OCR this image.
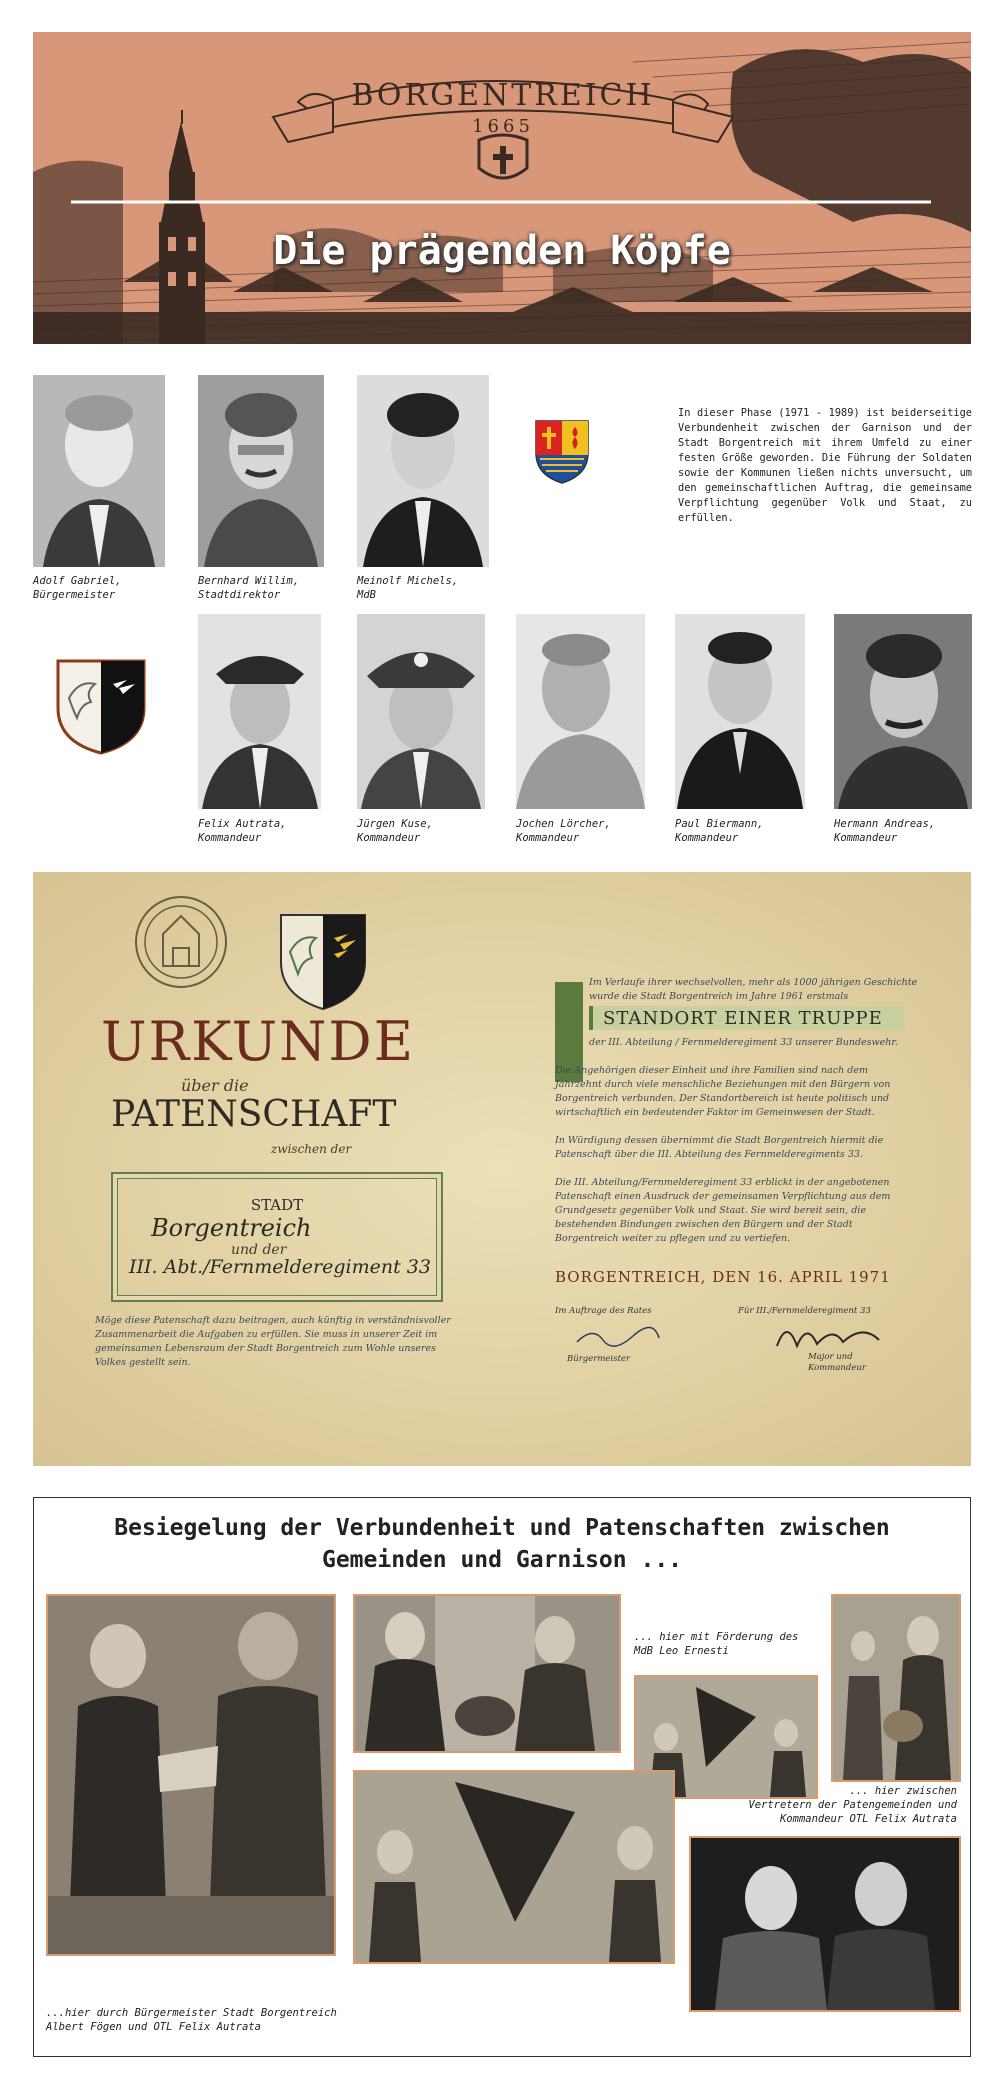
BORGENTREICH
1665
Die prägenden Köpfe
Adolf Gabriel,
Bürgermeister
Bernhard Willim,
Stadtdirektor
Meinolf Michels,
MdB
In dieser Phase (1971 - 1989) ist beiderseitige Verbundenheit zwischen der Garnison und der Stadt Borgentreich mit ihrem Umfeld zu einer festen Größe geworden. Die Führung der Soldaten sowie der Kommunen ließen nichts unversucht, um den gemeinschaftlichen Auftrag, die gemeinsame Verpflichtung gegenüber Volk und Staat, zu erfüllen.
Felix Autrata,
Kommandeur
Jürgen Kuse,
Kommandeur
Jochen Lörcher,
Kommandeur
Paul Biermann,
Kommandeur
Hermann Andreas,
Kommandeur
URKUNDE
über die
PATENSCHAFT
zwischen der
STADT
Borgentreich
und der
III. Abt./Fernmelderegiment 33
Möge diese Patenschaft dazu beitragen, auch künftig in verständnisvoller Zusammenarbeit die Aufgaben zu erfüllen. Sie muss in unserer Zeit im gemeinsamen Lebensraum der Stadt Borgentreich zum Wohle unseres Volkes gestellt sein.
Im Verlaufe ihrer wechselvollen, mehr als 1000 jährigen Geschichte wurde die Stadt Borgentreich im Jahre 1961 erstmals
STANDORT EINER TRUPPE
der III. Abteilung / Fernmelderegiment 33 unserer Bundeswehr.
Die Angehörigen dieser Einheit und ihre Familien sind nach dem Jahrzehnt durch viele menschliche Beziehungen mit den Bürgern von Borgentreich verbunden. Der Standortbereich ist heute politisch und wirtschaftlich ein bedeutender Faktor im Gemeinwesen der Stadt.
In Würdigung dessen übernimmt die Stadt Borgentreich hiermit die Patenschaft über die III. Abteilung des Fernmelderegiments 33.
Die III. Abteilung/Fernmelderegiment 33 erblickt in der angebotenen Patenschaft einen Ausdruck der gemeinsamen Verpflichtung aus dem Grundgesetz gegenüber Volk und Staat. Sie wird bereit sein, die bestehenden Bindungen zwischen den Bürgern und der Stadt Borgentreich weiter zu pflegen und zu vertiefen.
BORGENTREICH, DEN 16. APRIL 1971
Im Auftrage des Rates
Bürgermeister
Für III./Fernmelderegiment 33
Major und Kommandeur
Besiegelung der Verbundenheit und Patenschaften zwischen
Gemeinden und Garnison ...
... hier mit Förderung des
MdB Leo Ernesti
... hier zwischen
Vertretern der Patengemeinden und
Kommandeur OTL Felix Autrata
...hier durch Bürgermeister Stadt Borgentreich
Albert Fögen und OTL Felix Autrata
